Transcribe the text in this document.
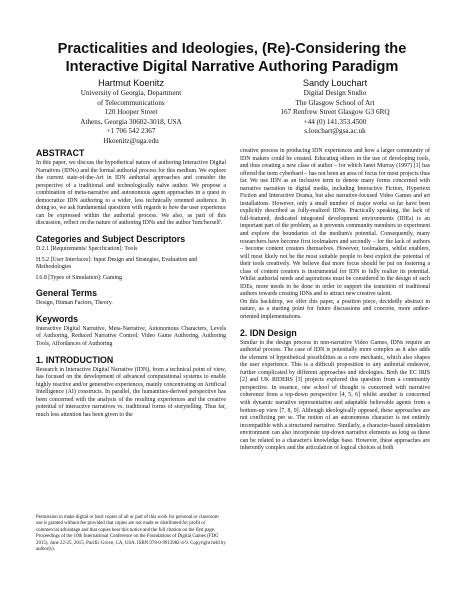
Practicalities and Ideologies, (Re)-Considering the
Interactive Digital Narrative Authoring Paradigm
Hartmut Koenitz
University of Georgia, Department
of Telecommunications
120 Hooper Street
Athens, Georgia 30602-3018, USA
+1 706 542 2367
Hkoenitz@uga.edu
Sandy Louchart
Digital Design Studio
The Glasgow School of Art
167 Renfrew Street Glasgow G3 6RQ
+44 (0) 141.353.4500
s.louchart@gsa.ac.uk
ABSTRACT

In this paper, we discuss the hypothetical nature of authoring Interactive Digital Narratives (IDNs) and the formal authorial process for this medium. We explore the current state-of-the-Art in IDN authorial approaches and consider the perspective of a traditional and technologically naïve author. We propose a combination of meta-narrative and autonomous agent approaches in a quest to democratize IDN authoring to a wider, less technically oriented audience. In doing so, we ask fundamental questions with regards to how the user experience can be expressed within the authorial process. We also, as part of this discussion, reflect on the nature of authoring IDNs and the author 'him/herself'.

Categories and Subject Descriptors

D.2.1 [Requirements/ Specification]: Tools

H.5.2 [User Interfaces]: Input Design and Strategies, Evaluation and Methodologies

I.6.8 [Types of Simulation]: Gaming

General Terms

Design, Human Factors, Theory.

Keywords

Interactive Digital Narrative, Meta-Narrative, Autonomous Characters, Levels of Authoring, Reduced Narrative Control, Video Game Authoring, Authoring Tools, Affordances of Authoring

1. INTRODUCTION

Research in Interactive Digital Narrative (IDN), from a technical point of view, has focused on the development of advanced computational systems to enable highly reactive and/or generative experiences, mainly concentrating on Artificial Intelligence (AI) constructs. In parallel, the humanities-derived perspective has been concerned with the analysis of the resulting experiences and the creative potential of interactive narratives vs. traditional forms of storytelling. Thus far, much less attention has been given to the

Permission to make digital or hard copies of all or part of this work for personal or classroom use is granted without fee provided that copies are not made or distributed for profit or commercial advantage and that copies bear this notice and the full citation on the first page.

Proceedings of the 10th International Conference on the Foundations of Digital Games (FDG 2015), June 22-25, 2015, Pacific Grove, CA, USA. ISBN 978-0-9913982-4-9. Copyright held by author(s).

creative process in producing IDN experiences and how a larger community of IDN makers could be created. Educating others in the use of developing tools, and thus creating a new class of author – for which Janet Murray (1997) [1] has offered the term cyberbard – has not been an area of focus for most projects thus far. We use IDN as an inclusive term to denote many forms concerned with narrative narration in digital media, including Interactive Fiction, Hypertext Fiction and Interactive Drama, but also narrative-focused Video Games and art installations. However, only a small number of major works so far have been explicitly described as fully-realized IDNs. Practically speaking, the lack of full-featured, dedicated integrated development environments (IDEs) is an important part of the problem, as it prevents community members to experiment and explore the boundaries of the medium's potential. Consequently, many researchers have become first toolmakers and secondly – for the lack of authors – become content creators themselves. However, toolmakers, whilst enablers, will most likely not be the most suitable people to best exploit the potential of their tools creatively. We believe that more focus should be put on fostering a class of content creators is instrumental for IDN to fully realize its potential. Whilst authorial needs and aspirations must be considered in the design of such IDEs, more needs to be done in order to support the transition of traditional authors towards creating IDNs and to attract new creative talent.

On this backdrop, we offer this paper, a position piece, decidedly abstract in nature, as a starting point for future discussions and concrete, more author-oriented implementations.

2. IDN Design

Similar to the design process in non-narrative Video Games, IDNs require an authorial process. The case of IDN is potentially more complex as it also adds the element of hypothetical possibilities as a core mechanic, which also shapes the user experience. This is a difficult proposition to any authorial endeavor, further complicated by different approaches and ideologies. Both the EC IRIS [2] and UK RIDERS [3] projects explored this question from a community perspective. In essence, one school of thought is concerned with narrative coherence from a top-down perspective [4, 5, 6] whilst another is concerned with dynamic narrative representation and adaptable believable agents from a bottom-up view [7, 8, 9]. Although ideologically opposed, these approaches are not conflicting per se. The notion of an autonomous character is not entirely incompatible with a structured narrative. Similarly, a character-based simulation environment can also incorporate top-down narrative elements as long as these can be related to a character's knowledge base. However, these approaches are inherently complex and the articulation of logical choices at both
